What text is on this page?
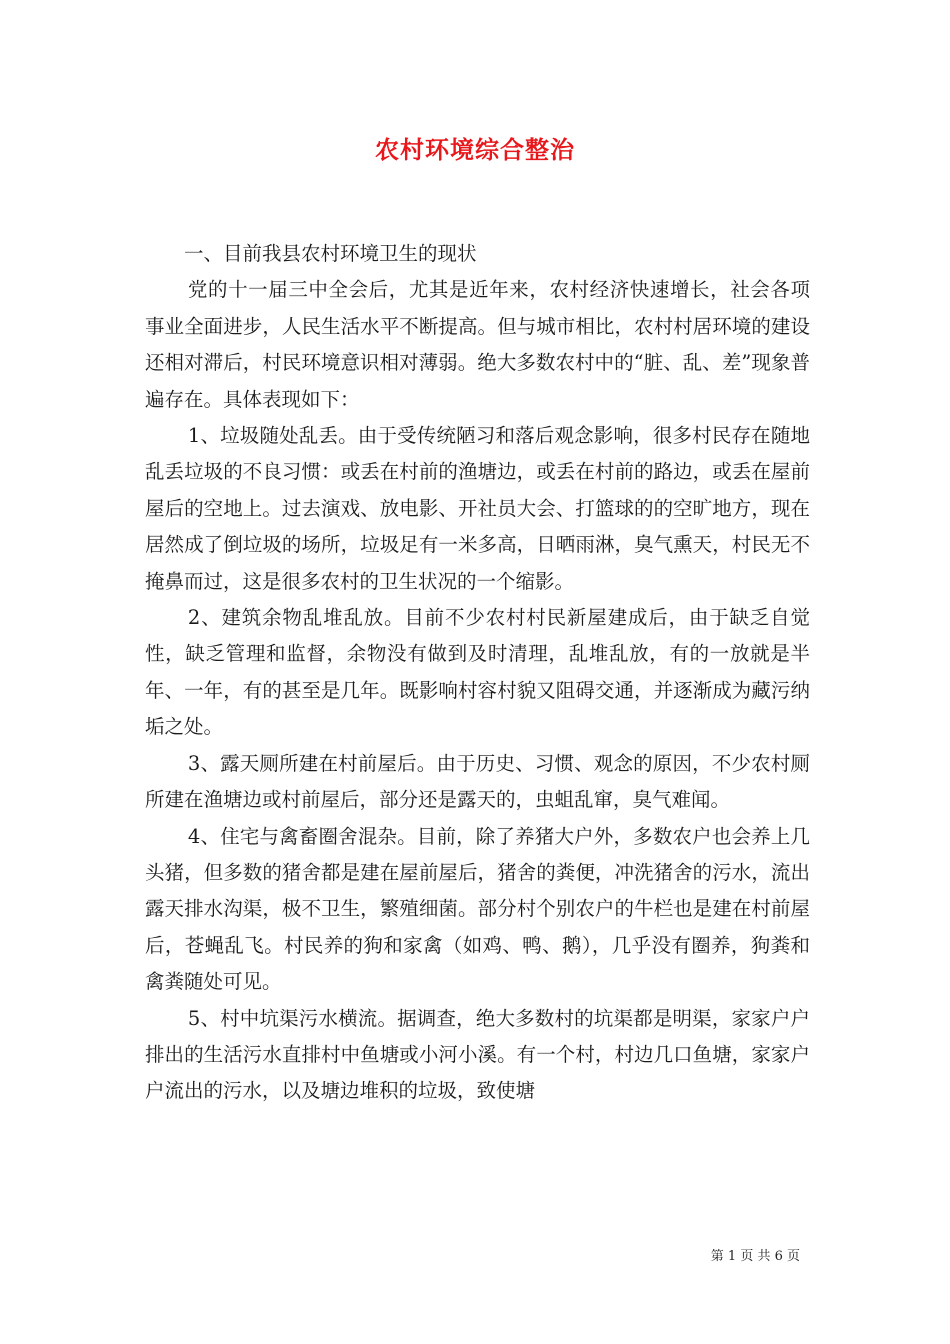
农村环境综合整治

一、目前我县农村环境卫生的现状

党的十一届三中全会后，尤其是近年来，农村经济快速增长，社会各项事业全面进步，人民生活水平不断提高。但与城市相比，农村村居环境的建设还相对滞后，村民环境意识相对薄弱。绝大多数农村中的“脏、乱、差”现象普遍存在。具体表现如下：

1、垃圾随处乱丢。由于受传统陋习和落后观念影响，很多村民存在随地乱丢垃圾的不良习惯：或丢在村前的渔塘边，或丢在村前的路边，或丢在屋前屋后的空地上。过去演戏、放电影、开社员大会、打篮球的的空旷地方，现在居然成了倒垃圾的场所，垃圾足有一米多高，日晒雨淋，臭气熏天，村民无不掩鼻而过，这是很多农村的卫生状况的一个缩影。

2、建筑余物乱堆乱放。目前不少农村村民新屋建成后，由于缺乏自觉性，缺乏管理和监督，余物没有做到及时清理，乱堆乱放，有的一放就是半年、一年，有的甚至是几年。既影响村容村貌又阻碍交通，并逐渐成为藏污纳垢之处。

3、露天厕所建在村前屋后。由于历史、习惯、观念的原因，不少农村厕所建在渔塘边或村前屋后，部分还是露天的，虫蛆乱窜，臭气难闻。

4、住宅与禽畜圈舍混杂。目前，除了养猪大户外，多数农户也会养上几头猪，但多数的猪舍都是建在屋前屋后，猪舍的粪便，冲洗猪舍的污水，流出露天排水沟渠，极不卫生，繁殖细菌。部分村个别农户的牛栏也是建在村前屋后，苍蝇乱飞。村民养的狗和家禽（如鸡、鸭、鹅），几乎没有圈养，狗粪和禽粪随处可见。

5、村中坑渠污水横流。据调查，绝大多数村的坑渠都是明渠，家家户户排出的生活污水直排村中鱼塘或小河小溪。有一个村，村边几口鱼塘，家家户户流出的污水，以及塘边堆积的垃圾，致使塘

第 1 页 共 6 页
